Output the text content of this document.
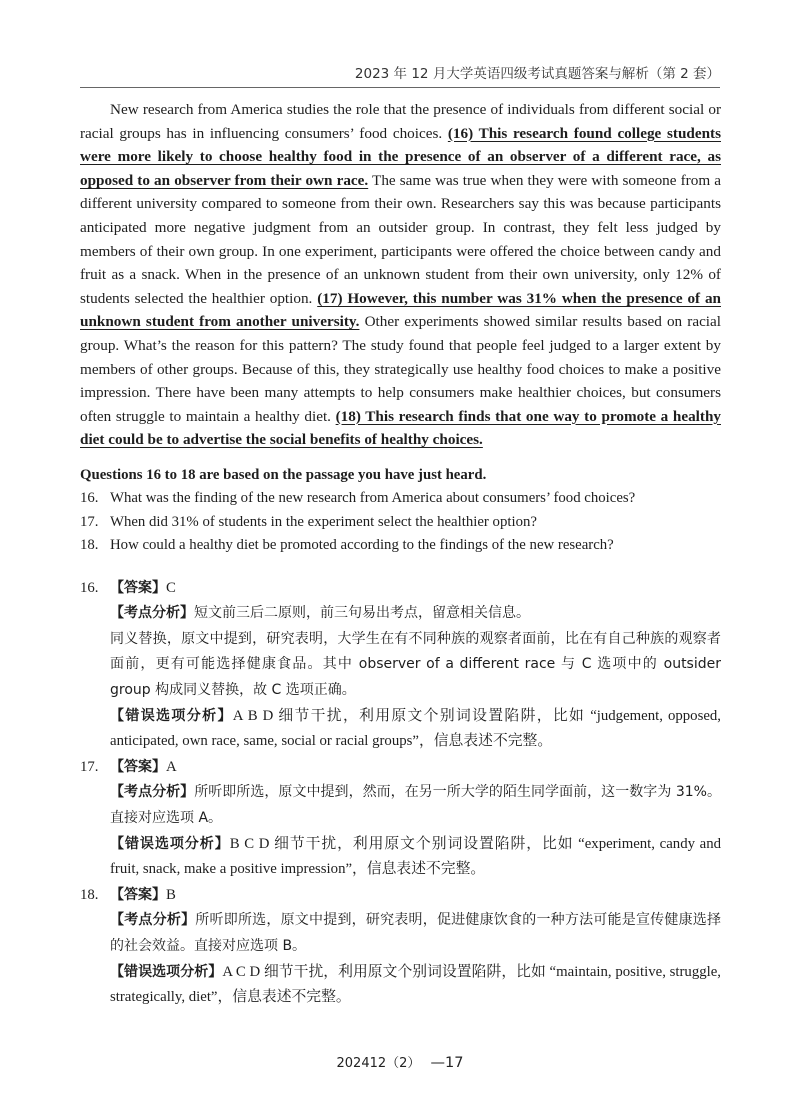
2023 年 12 月大学英语四级考试真题答案与解析（第 2 套）

New research from America studies the role that the presence of individuals from different social or racial groups has in influencing consumers’ food choices. (16) This research found college students were more likely to choose healthy food in the presence of an observer of a different race, as opposed to an observer from their own race. The same was true when they were with someone from a different university compared to someone from their own. Researchers say this was because participants anticipated more negative judgment from an outsider group. In contrast, they felt less judged by members of their own group. In one experiment, participants were offered the choice between candy and fruit as a snack. When in the presence of an unknown student from their own university, only 12% of students selected the healthier option. (17) However, this number was 31% when the presence of an unknown student from another university. Other experiments showed similar results based on racial group. What’s the reason for this pattern? The study found that people feel judged to a larger extent by members of other groups. Because of this, they strategically use healthy food choices to make a positive impression. There have been many attempts to help consumers make healthier choices, but consumers often struggle to maintain a healthy diet. (18) This research finds that one way to promote a healthy diet could be to advertise the social benefits of healthy choices.

Questions 16 to 18 are based on the passage you have just heard.

16. What was the finding of the new research from America about consumers’ food choices?
17. When did 31% of students in the experiment select the healthier option?
18. How could a healthy diet be promoted according to the findings of the new research?
16. 【答案】C

【考点分析】短文前三后二原则，前三句易出考点，留意相关信息。

同义替换，原文中提到，研究表明，大学生在有不同种族的观察者面前，比在有自己种族的观察者面前，更有可能选择健康食品。其中 observer of a different race 与 C 选项中的 outsider group 构成同义替换，故 C 选项正确。

【错误选项分析】A B D 细节干扰，利用原文个别词设置陷阱，比如 “judgement, opposed, anticipated, own race, same, social or racial groups”，信息表述不完整。

17. 【答案】A

【考点分析】所听即所选，原文中提到，然而，在另一所大学的陌生同学面前，这一数字为 31%。直接对应选项 A。

【错误选项分析】B C D 细节干扰，利用原文个别词设置陷阱，比如 “experiment, candy and fruit, snack, make a positive impression”，信息表述不完整。

18. 【答案】B

【考点分析】所听即所选，原文中提到，研究表明，促进健康饮食的一种方法可能是宣传健康选择的社会效益。直接对应选项 B。

【错误选项分析】A C D 细节干扰，利用原文个别词设置陷阱，比如 “maintain, positive, struggle, strategically, diet”，信息表述不完整。

202412（2） —17
